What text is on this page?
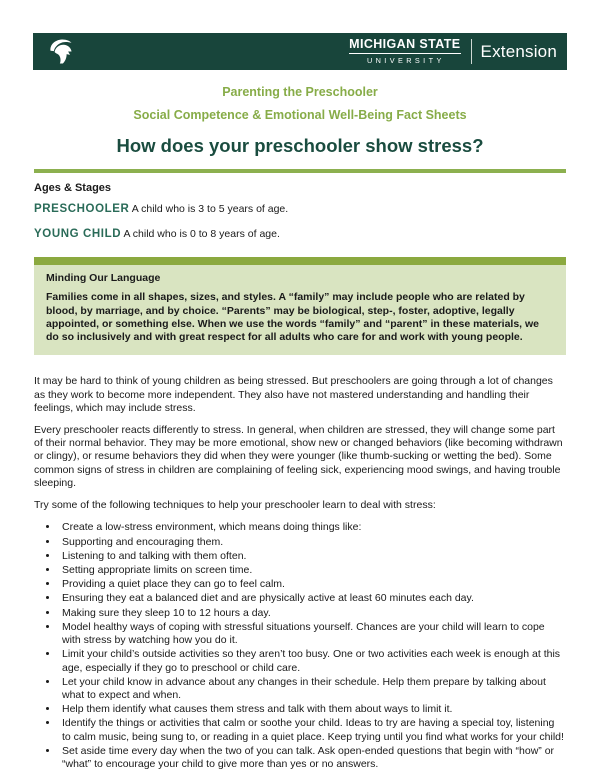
MICHIGAN STATE
UNIVERSITY	Extension
Parenting the Preschooler
Social Competence & Emotional Well-Being Fact Sheets
How does your preschooler show stress?
Ages & Stages
PRESCHOOLER A child who is 3 to 5 years of age.
YOUNG CHILD A child who is 0 to 8 years of age.
Minding Our Language
Families come in all shapes, sizes, and styles. A “family” may include people who are related by blood, by marriage, and by choice. “Parents” may be biological, step-, foster, adoptive, legally appointed, or something else. When we use the words “family” and “parent” in these materials, we do so inclusively and with great respect for all adults who care for and work with young people.

It may be hard to think of young children as being stressed. But preschoolers are going through a lot of changes as they work to become more independent. They also have not mastered understanding and handling their feelings, which may include stress.

Every preschooler reacts differently to stress. In general, when children are stressed, they will change some part of their normal behavior. They may be more emotional, show new or changed behaviors (like becoming withdrawn or clingy), or resume behaviors they did when they were younger (like thumb-sucking or wetting the bed). Some common signs of stress in children are complaining of feeling sick, experiencing mood swings, and having trouble sleeping.

Try some of the following techniques to help your preschooler learn to deal with stress:

• Create a low-stress environment, which means doing things like:
• Supporting and encouraging them.
• Listening to and talking with them often.
• Setting appropriate limits on screen time.
• Providing a quiet place they can go to feel calm.
• Ensuring they eat a balanced diet and are physically active at least 60 minutes each day.
• Making sure they sleep 10 to 12 hours a day.
• Model healthy ways of coping with stressful situations yourself. Chances are your child will learn to cope with stress by watching how you do it.
• Limit your child’s outside activities so they aren’t too busy. One or two activities each week is enough at this age, especially if they go to preschool or child care.
• Let your child know in advance about any changes in their schedule. Help them prepare by talking about what to expect and when.
• Help them identify what causes them stress and talk with them about ways to limit it.
• Identify the things or activities that calm or soothe your child. Ideas to try are having a special toy, listening to calm music, being sung to, or reading in a quiet place. Keep trying until you find what works for your child!
• Set aside time every day when the two of you can talk. Ask open-ended questions that begin with “how” or “what” to encourage your child to give more than yes or no answers.
